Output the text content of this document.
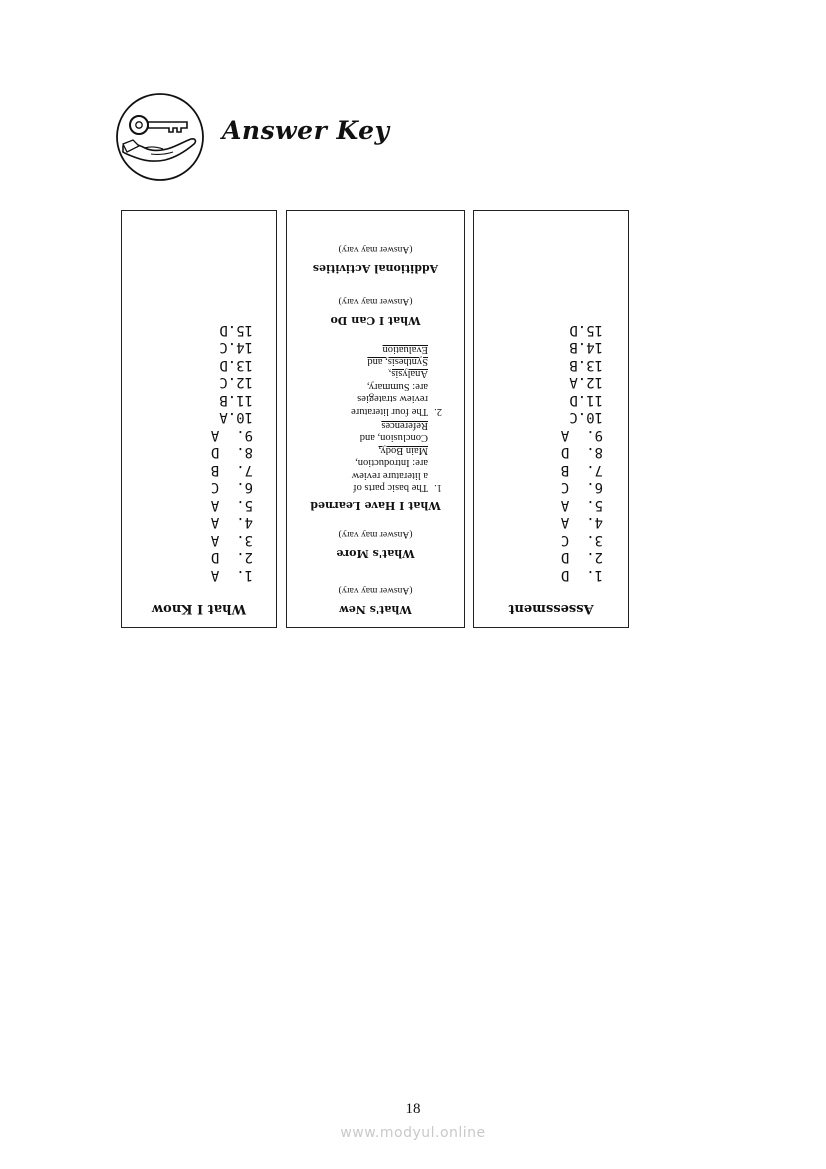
Answer Key
What I Know
1.  A
2.  D
3.  A
4.  A
5.  A
6.  C
7.  B
8.  D
9.  A
10.A
11.B
12.C
13.D
14.C
15.D
What's New
(Answer may vary)
What's More
(Answer may vary)
What I Have Learned
1.
The basic parts of
a literature review
are: Introduction,
Main Body,
Conclusion, and
References
2.
The four literature
review strategies
are: Summary,
Analysis,
Synthesis, and
Evaluation
What I Can Do
(Answer may vary)
Additional Activities
(Answer may vary)
Assessment
1.  D
2.  D
3.  C
4.  A
5.  A
6.  C
7.  B
8.  D
9.  A
10.C
11.D
12.A
13.B
14.B
15.D
18
www.modyul.online
